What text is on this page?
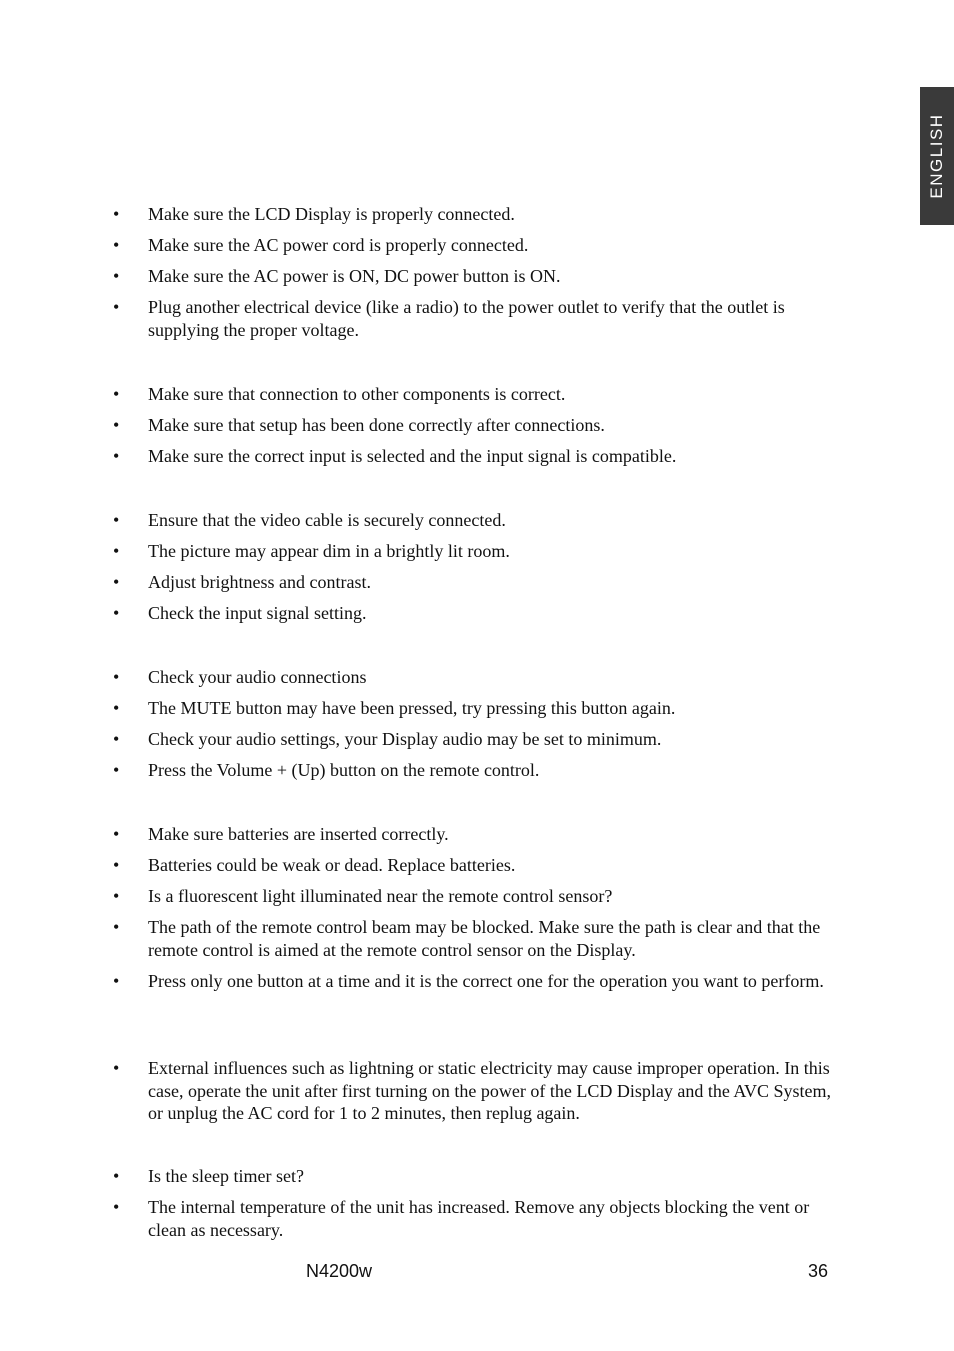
ENGLISH
• Make sure the LCD Display is properly connected.
• Make sure the AC power cord is properly connected.
• Make sure the AC power is ON, DC power button is ON.
• Plug another electrical device (like a radio) to the power outlet to verify that the outlet is supplying the proper voltage.
• Make sure that connection to other components is correct.
• Make sure that setup has been done correctly after connections.
• Make sure the correct input is selected and the input signal is compatible.
• Ensure that the video cable is securely connected.
• The picture may appear dim in a brightly lit room.
• Adjust brightness and contrast.
• Check the input signal setting.
• Check your audio connections
• The MUTE button may have been pressed, try pressing this button again.
• Check your audio settings, your Display audio may be set to minimum.
• Press the Volume + (Up) button on the remote control.
• Make sure batteries are inserted correctly.
• Batteries could be weak or dead. Replace batteries.
• Is a fluorescent light illuminated near the remote control sensor?
• The path of the remote control beam may be blocked. Make sure the path is clear and that the remote control is aimed at the remote control sensor on the Display.
• Press only one button at a time and it is the correct one for the operation you want to perform.
• External influences such as lightning or static electricity may cause improper operation. In this case, operate the unit after first turning on the power of the LCD Display and the AVC System, or unplug the AC cord for 1 to 2 minutes, then replug again.
• Is the sleep timer set?
• The internal temperature of the unit has increased. Remove any objects blocking the vent or clean as necessary.
N4200w	36
